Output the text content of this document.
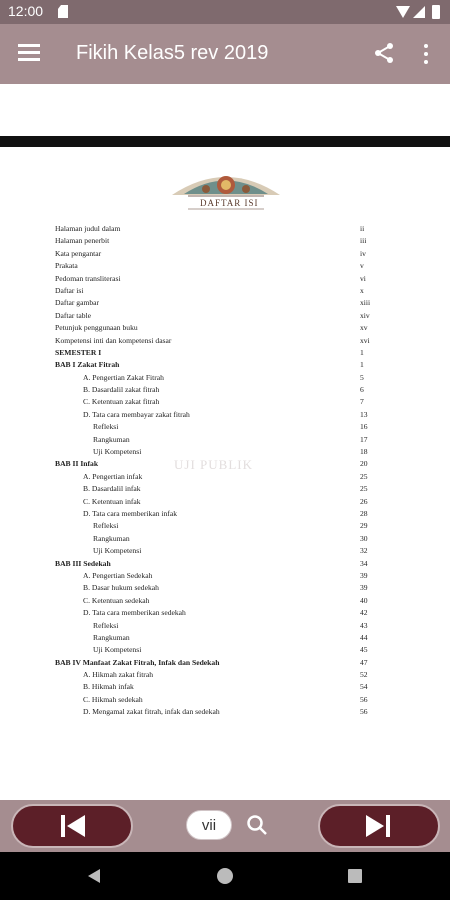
12:00
Fikih Kelas5 rev 2019
DAFTAR ISI
UJI PUBLIK
Halaman judul dalam	ii
Halaman penerbit	iii
Kata pengantar	iv
Prakata	v
Pedoman transliterasi	vi
Daftar isi	x
Daftar gambar	xiii
Daftar table	xiv
Petunjuk penggunaan buku	xv
Kompetensi inti dan kompetensi dasar	xvi
SEMESTER I	1
BAB I Zakat Fitrah	1
A. Pengertian Zakat Fitrah	5
B. Dasardalil zakat fitrah	6
C. Ketentuan zakat fitrah	7
D. Tata cara membayar zakat fitrah	13
Refleksi	16
Rangkuman	17
Uji Kompetensi	18
BAB II Infak	20
A. Pengertian infak	25
B. Dasardalil infak	25
C. Ketentuan infak	26
D. Tata cara memberikan infak	28
Refleksi	29
Rangkuman	30
Uji Kompetensi	32
BAB III Sedekah	34
A. Pengertian Sedekah	39
B. Dasar hukum sedekah	39
C. Ketentuan sedekah	40
D. Tata cara memberikan sedekah	42
Refleksi	43
Rangkuman	44
Uji Kompetensi	45
BAB IV Manfaat Zakat Fitrah, Infak dan Sedekah	47
A. Hikmah zakat fitrah	52
B. Hikmah infak	54
C. Hikmah sedekah	56
D. Mengamal zakat fitrah, infak dan sedekah	56
vii
